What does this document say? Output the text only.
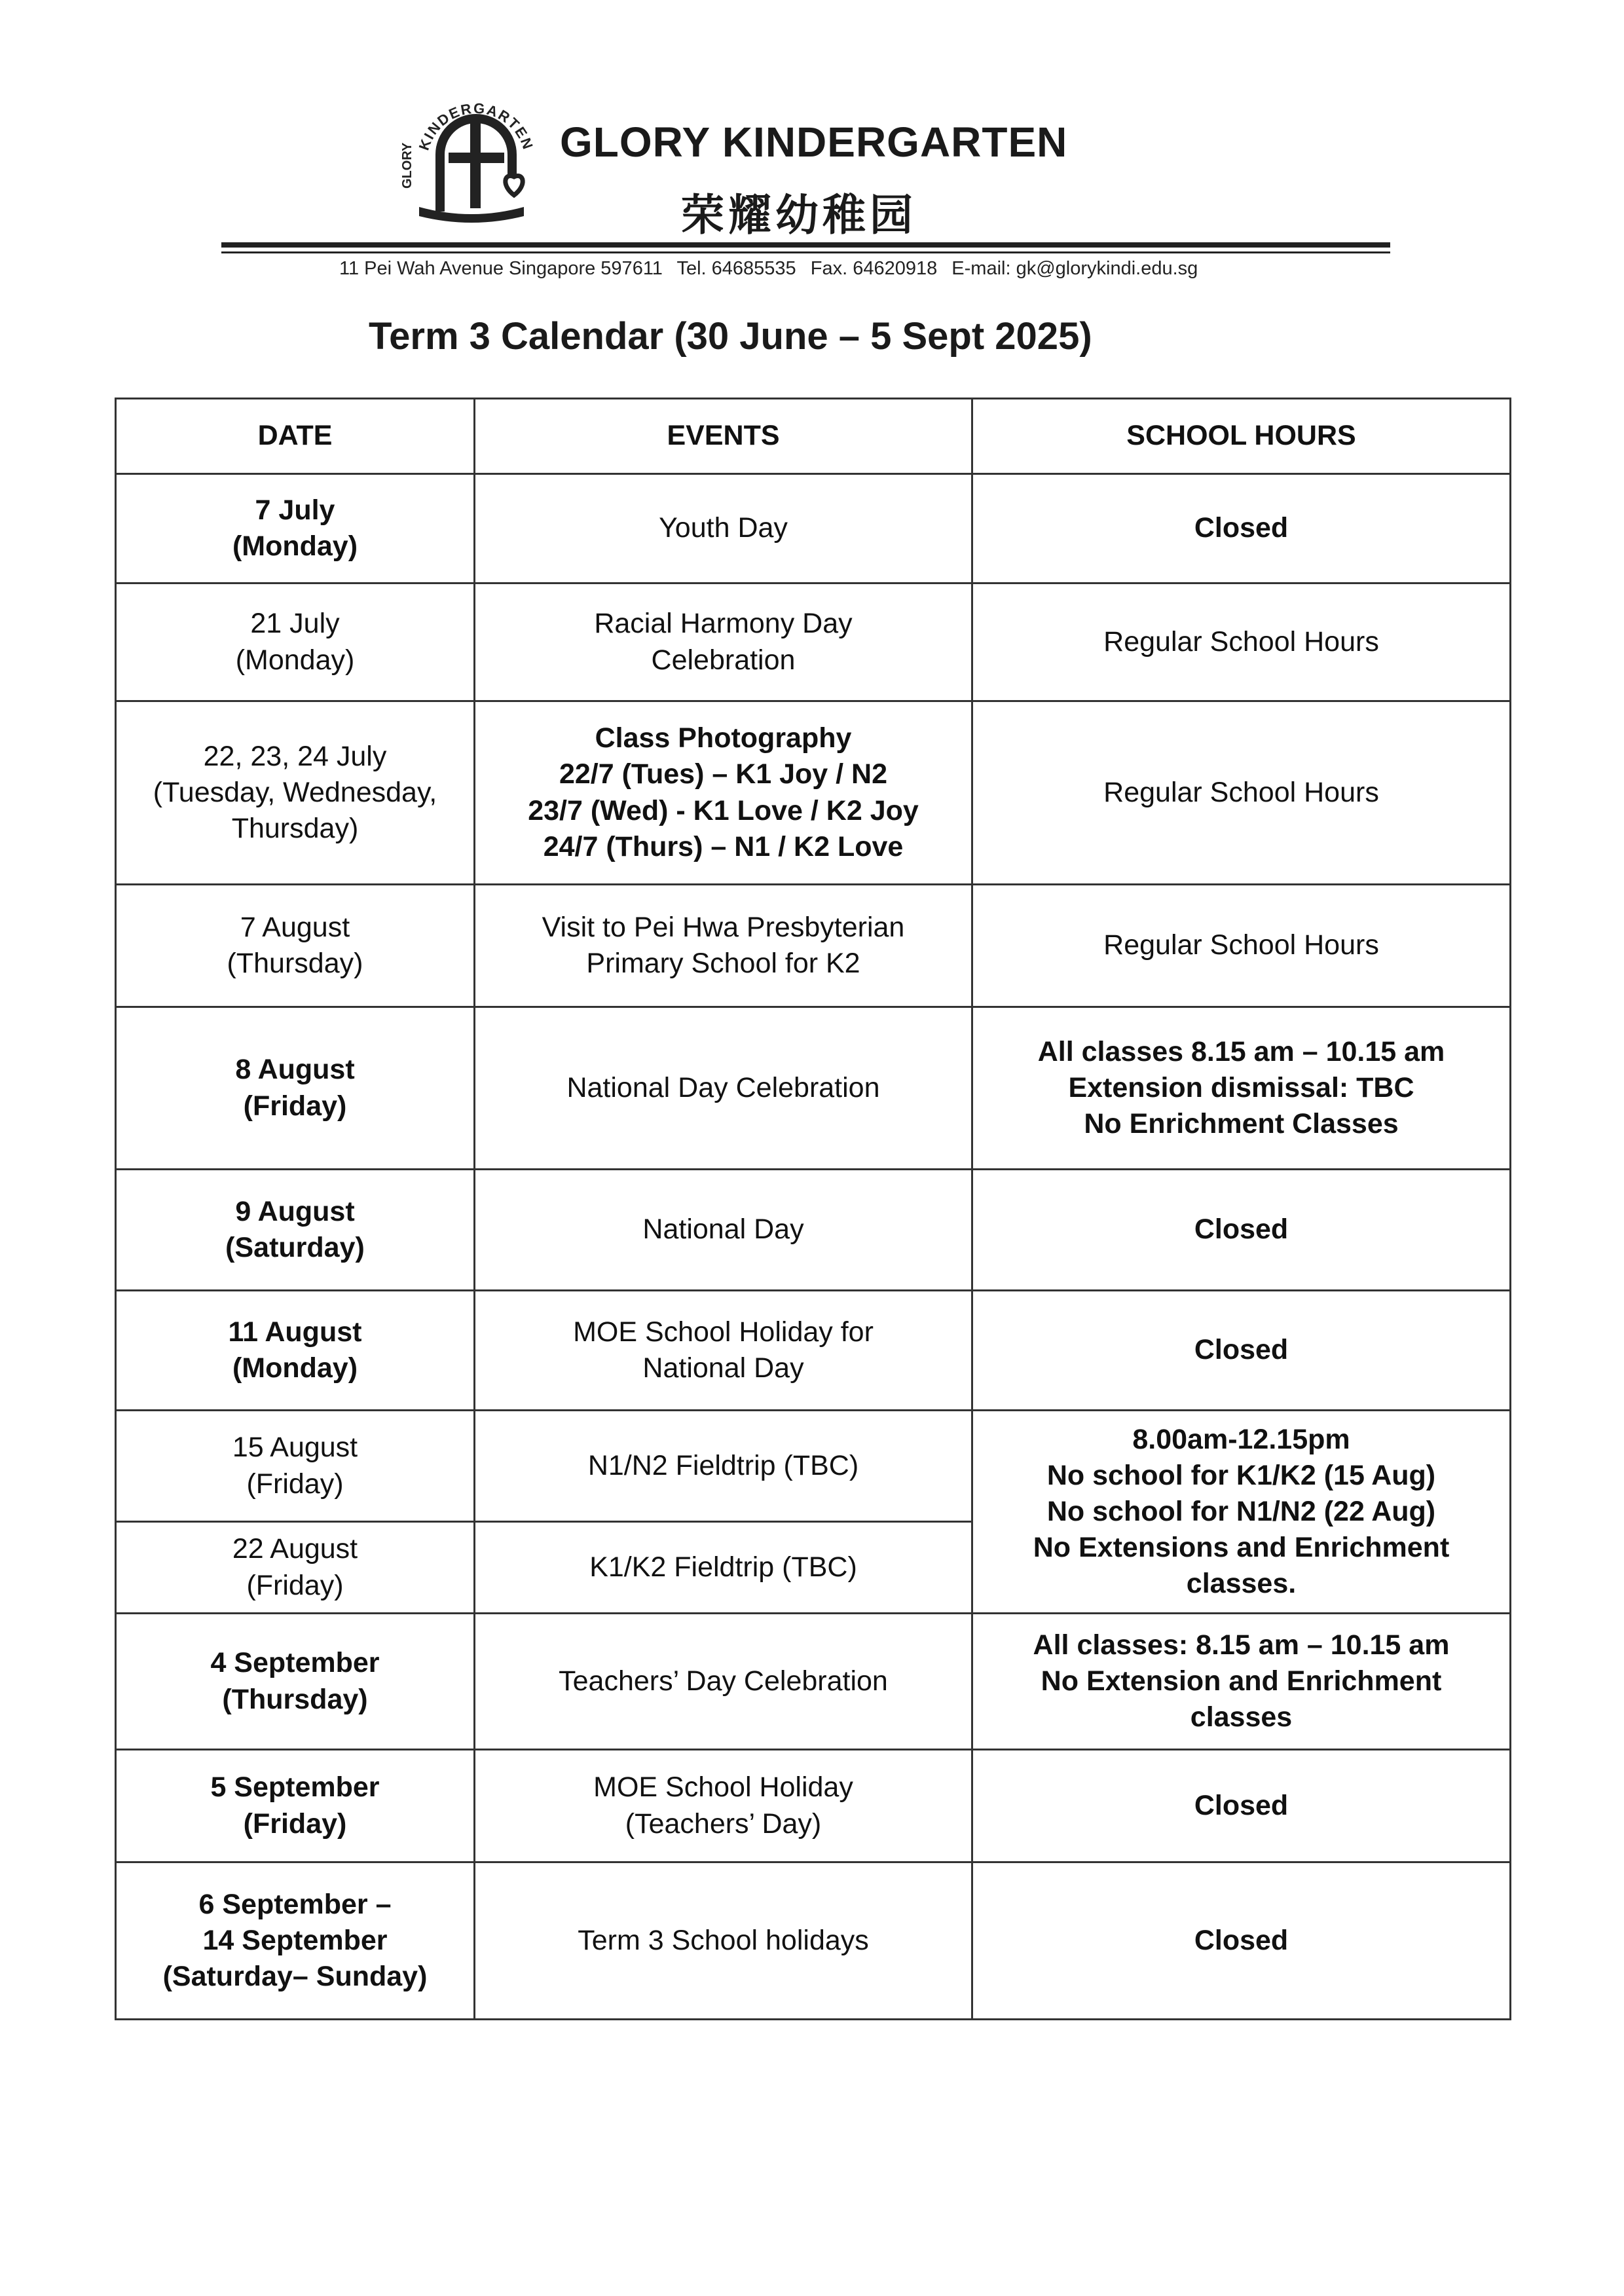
KINDERGARTEN
GLORY	GLORY KINDERGARTEN
荣耀幼稚园
11 Pei Wah Avenue Singapore 597611 Tel. 64685535 Fax. 64620918 E-mail: gk@glorykindi.edu.sg
Term 3 Calendar (30 June – 5 Sept 2025)
DATE	EVENTS	SCHOOL HOURS

7 July
(Monday)	Youth Day	Closed

21 July
(Monday)	Racial Harmony Day
Celebration	Regular School Hours

22, 23, 24 July
(Tuesday, Wednesday,
Thursday)	Class Photography
22/7 (Tues) – K1 Joy / N2
23/7 (Wed) - K1 Love / K2 Joy
24/7 (Thurs) – N1 / K2 Love	Regular School Hours

7 August
(Thursday)	Visit to Pei Hwa Presbyterian
Primary School for K2	Regular School Hours

8 August
(Friday)	National Day Celebration	All classes 8.15 am – 10.15 am
Extension dismissal: TBC
No Enrichment Classes

9 August
(Saturday)	National Day	Closed

11 August
(Monday)	MOE School Holiday for
National Day	Closed

15 August
(Friday)	N1/N2 Fieldtrip (TBC)	8.00am-12.15pm
No school for K1/K2 (15 Aug)
No school for N1/N2 (22 Aug)
No Extensions and Enrichment
classes.

22 August
(Friday)	K1/K2 Fieldtrip (TBC)	

4 September
(Thursday)	Teachers’ Day Celebration	All classes: 8.15 am – 10.15 am
No Extension and Enrichment
classes

5 September
(Friday)	MOE School Holiday
(Teachers’ Day)	Closed

6 September –
14 September
(Saturday– Sunday)	Term 3 School holidays	Closed
